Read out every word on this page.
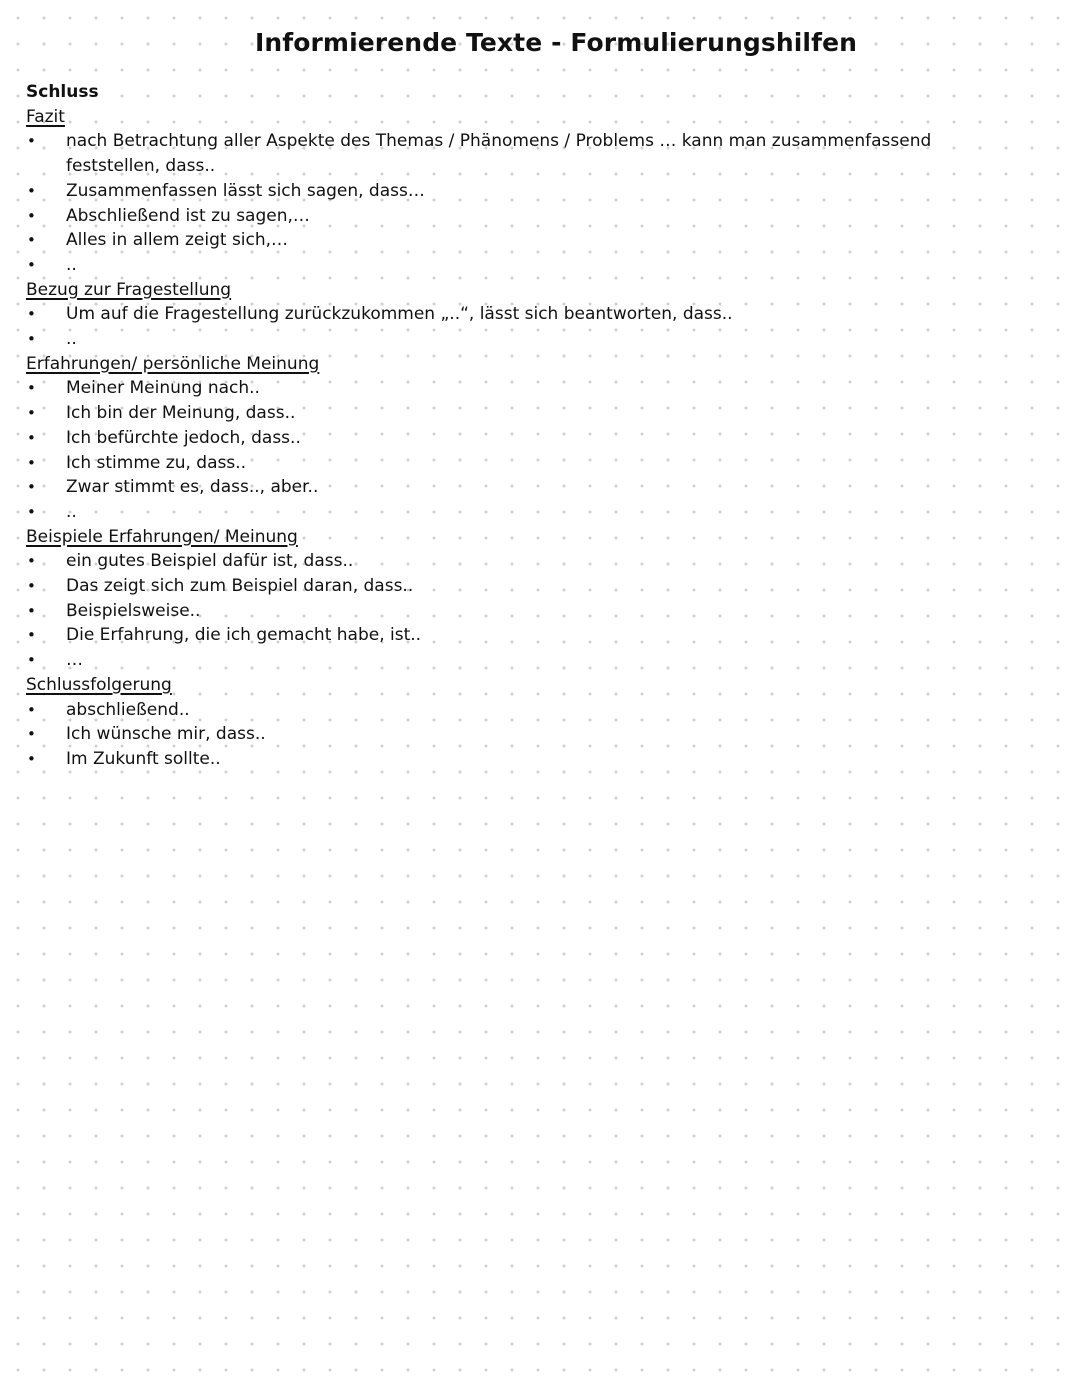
Informierende Texte - Formulierungshilfen
Schluss
Fazit
• nach Betrachtung aller Aspekte des Themas / Phänomens / Problems … kann man zusammenfassend feststellen, dass..
• Zusammenfassen lässt sich sagen, dass…
• Abschließend ist zu sagen,…
• Alles in allem zeigt sich,…
• ..
Bezug zur Fragestellung
• Um auf die Fragestellung zurückzukommen „..“, lässt sich beantworten, dass..
• ..
Erfahrungen/ persönliche Meinung
• Meiner Meinung nach..
• Ich bin der Meinung, dass..
• Ich befürchte jedoch, dass..
• Ich stimme zu, dass..
• Zwar stimmt es, dass.., aber..
• ..
Beispiele Erfahrungen/ Meinung
• ein gutes Beispiel dafür ist, dass..
• Das zeigt sich zum Beispiel daran, dass..
• Beispielsweise..
• Die Erfahrung, die ich gemacht habe, ist..
• …
Schlussfolgerung
• abschließend..
• Ich wünsche mir, dass..
• Im Zukunft sollte..
